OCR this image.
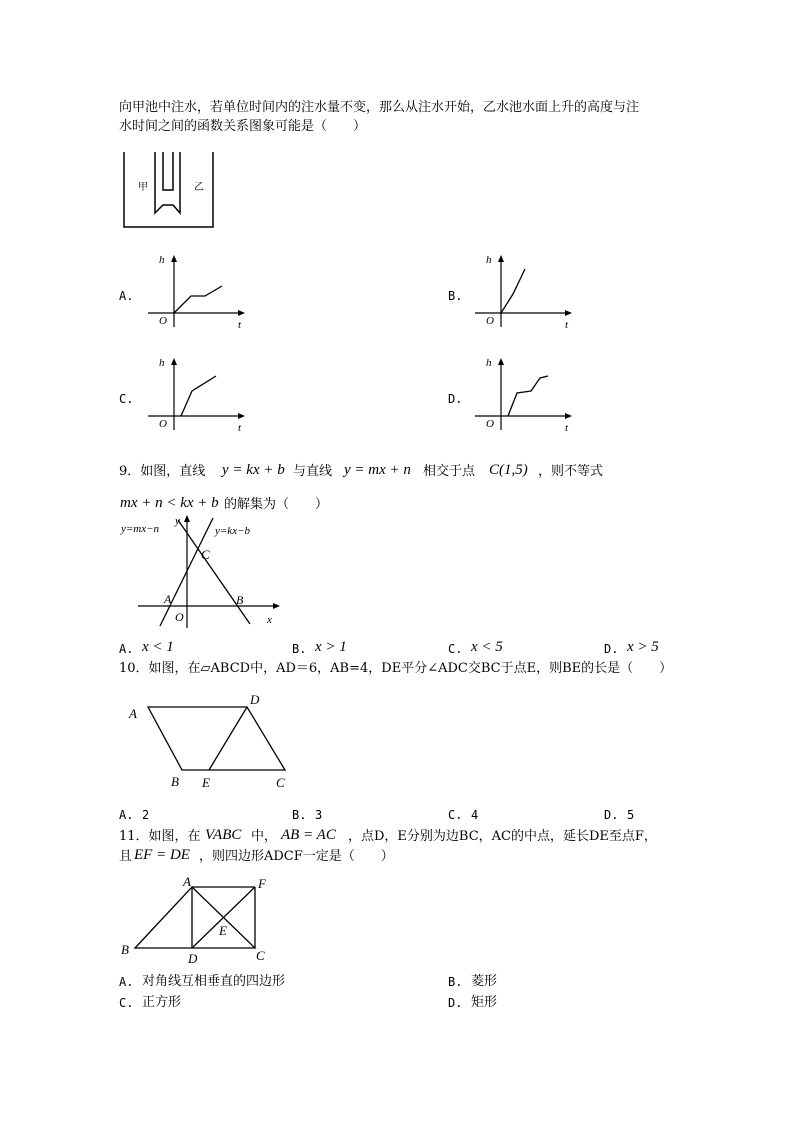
向甲池中注水，若单位时间内的注水量不变，那么从注水开始，乙水池水面上升的高度与注
水时间之间的函数关系图象可能是（　　）
甲	乙
A.
h
O	t
B.
h
O	t
C.
h
O	t
D.
h
O	t
9．如图，直线 y = kx + b 与直线 y = mx + n 相交于点 C(1,5) ，则不等式
mx + n < kx + b 的解集为（　　）
y=mx−n	y=kx−b
y
C
A	B
O	x
A. x < 1	B. x > 1	C. x < 5	D. x > 5
10．如图，在▱ABCD中，AD＝6，AB=4，DE平分∠ADC交BC于点E，则BE的长是（　　）
A
D
B E	C
A. 2	B. 3	C. 4	D. 5
11．如图，在 VABC 中， AB = AC ，点D，E分别为边BC，AC的中点，延长DE至点F，
且 EF = DE ，则四边形ADCF一定是（　　）
A	F
B
E
D	C
A. 对角线互相垂直的四边形	B. 菱形
C. 正方形	D. 矩形
